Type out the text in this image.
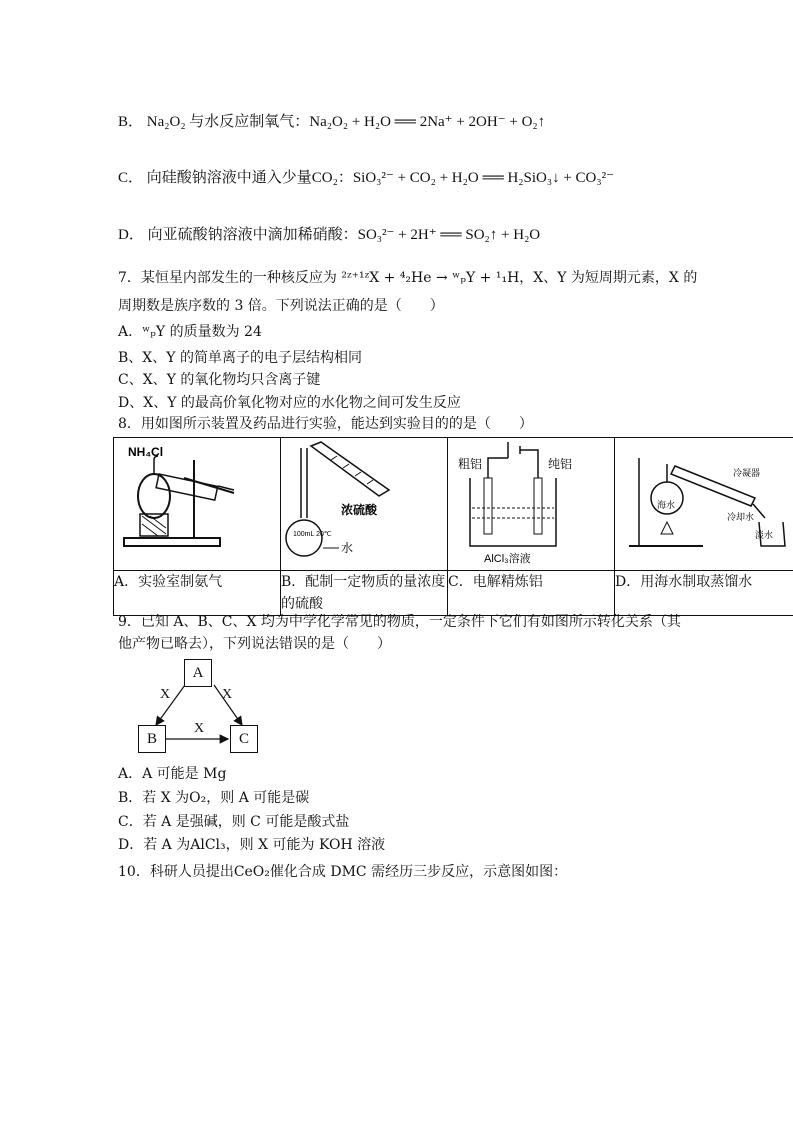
B． Na₂O₂ 与水反应制氧气：Na₂O₂ + H₂O ══ 2Na⁺ + 2OH⁻ + O₂↑
C． 向硅酸钠溶液中通入少量CO₂：SiO₃²⁻ + CO₂ + H₂O ══ H₂SiO₃↓ + CO₃²⁻
D． 向亚硫酸钠溶液中滴加稀硝酸：SO₃²⁻ + 2H⁺ ══ SO₂↑ + H₂O
7．某恒星内部发生的一种核反应为 ²ᶻ⁺¹ᶻX + ⁴₂He → ʷₚY + ¹₁H，X、Y 为短周期元素，X 的
周期数是族序数的 3 倍。下列说法正确的是（　　）
A．ʷₚY 的质量数为 24
B、X、Y 的简单离子的电子层结构相同
C、X、Y 的氧化物均只含离子键
D、X、Y 的最高价氧化物对应的水化物之间可发生反应
8．用如图所示装置及药品进行实验，能达到实验目的的是（　　）
NH₄Cl	100mL 20℃
浓硫酸
水	粗铝 纯铝
AlCl₃溶液	海水
冷凝器
冷却水
淡水

A．实验室制氨气	B．配制一定物质的量浓度的硫酸	C．电解精炼铝	D．用海水制取蒸馏水
9．已知 A、B、C、X 均为中学化学常见的物质，一定条件下它们有如图所示转化关系（其
他产物已略去），下列说法错误的是（　　）
A
B	C
X	X
X
A．A 可能是 Mg
B．若 X 为O₂，则 A 可能是碳
C．若 A 是强碱，则 C 可能是酸式盐
D．若 A 为AlCl₃，则 X 可能为 KOH 溶液
10．科研人员提出CeO₂催化合成 DMC 需经历三步反应，示意图如图：
